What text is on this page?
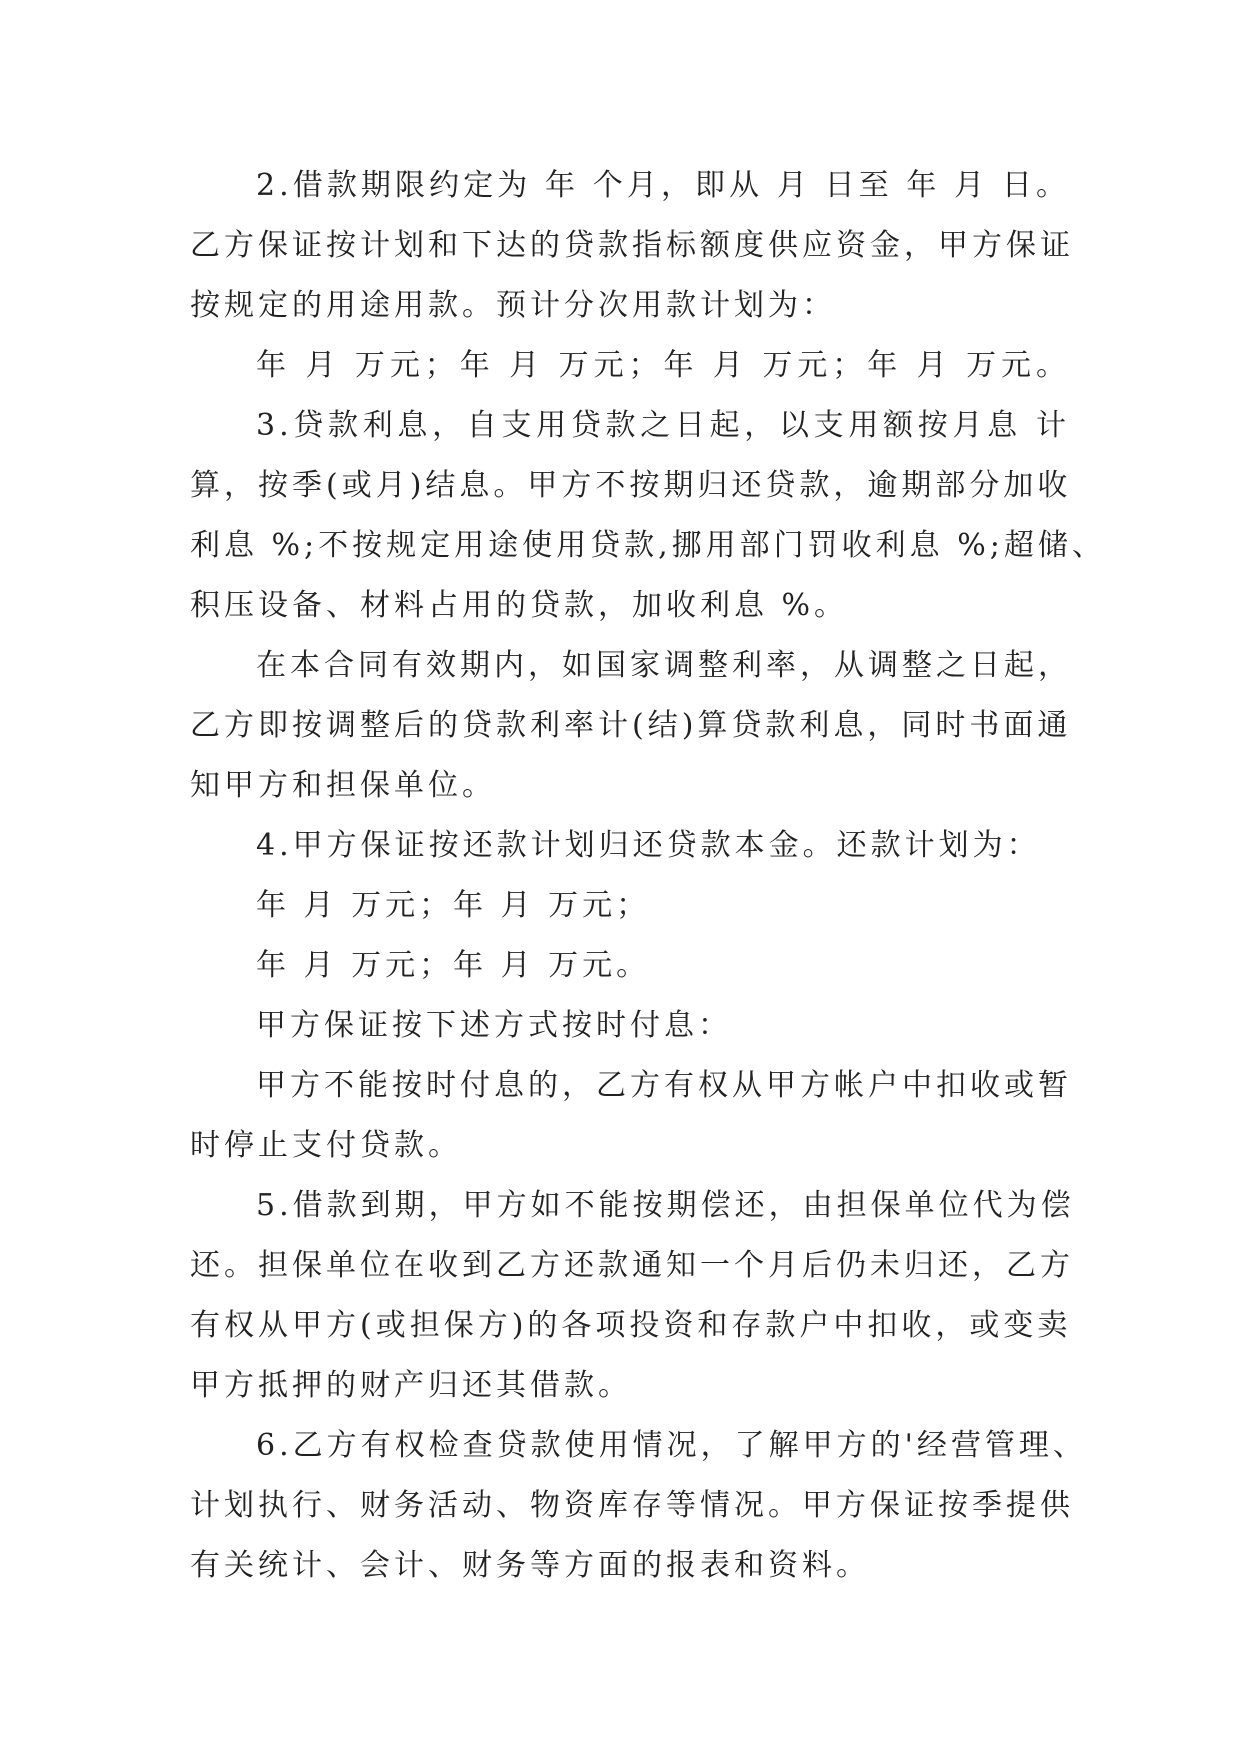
2.借款期限约定为 年 个月，即从 月 日至 年 月 日。
乙方保证按计划和下达的贷款指标额度供应资金，甲方保证
按规定的用途用款。预计分次用款计划为：
年 月 万元；年 月 万元；年 月 万元；年 月 万元。
3.贷款利息，自支用贷款之日起，以支用额按月息 计
算，按季(或月)结息。甲方不按期归还贷款，逾期部分加收
利息 %;不按规定用途使用贷款,挪用部门罚收利息 %;超储、
积压设备、材料占用的贷款，加收利息 %。
在本合同有效期内，如国家调整利率，从调整之日起，
乙方即按调整后的贷款利率计(结)算贷款利息，同时书面通
知甲方和担保单位。
4.甲方保证按还款计划归还贷款本金。还款计划为：
年 月 万元；年 月 万元；
年 月 万元；年 月 万元。
甲方保证按下述方式按时付息：
甲方不能按时付息的，乙方有权从甲方帐户中扣收或暂
时停止支付贷款。
5.借款到期，甲方如不能按期偿还，由担保单位代为偿
还。担保单位在收到乙方还款通知一个月后仍未归还，乙方
有权从甲方(或担保方)的各项投资和存款户中扣收，或变卖
甲方抵押的财产归还其借款。
6.乙方有权检查贷款使用情况，了解甲方的'经营管理、
计划执行、财务活动、物资库存等情况。甲方保证按季提供
有关统计、会计、财务等方面的报表和资料。
